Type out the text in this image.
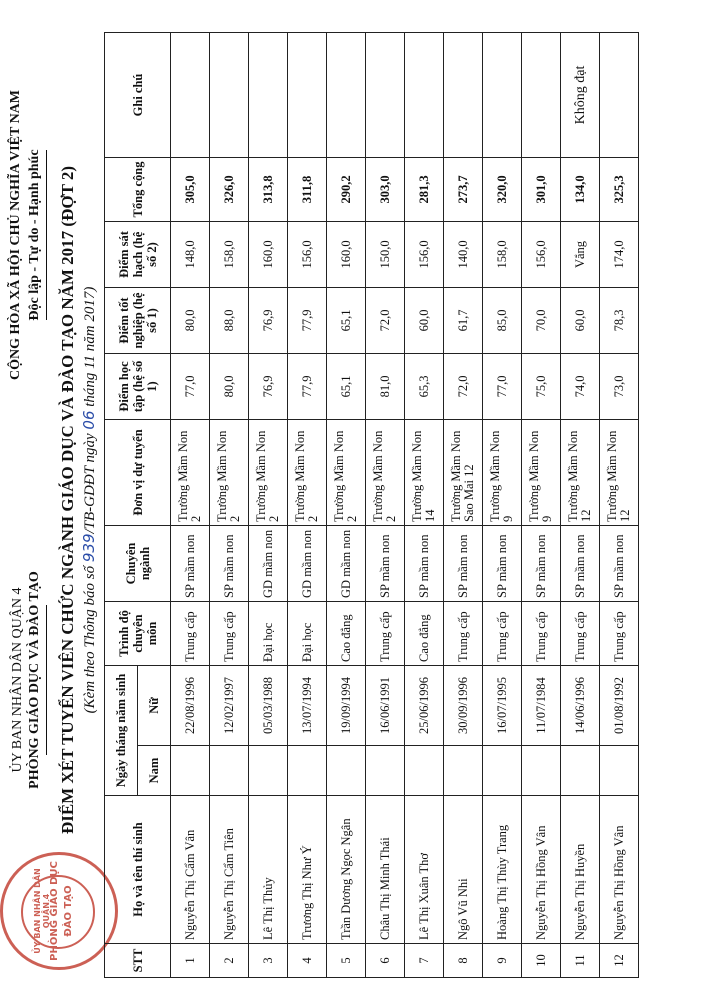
ỦY BAN NHÂN DÂN QUẬN 4
PHÒNG GIÁO DỤC ĐÀO TẠO
ỦY BAN NHÂN DÂN QUẬN 4 PHÒNG GIÁO DỤC VÀ ĐÀO TẠO
CỘNG HÒA XÃ HỘI CHỦ NGHĨA VIỆT NAM Độc lập - Tự do - Hạnh phúc ĐIỂM XÉT TUYỂN VIÊN CHỨC NGÀNH GIÁO DỤC VÀ ĐÀO TẠO NĂM 2017 (ĐỢT 2) (Kèm theo Thông báo số 939/TB-GDĐT ngày 06 tháng 11 năm 2017)
STT	Họ và tên thí sinh	Ngày tháng năm sinh		Trình độ chuyên môn	Chuyên ngành	Đơn vị dự tuyển	Điểm học tập (hệ số 1)	Điểm tốt nghiệp (hệ số 1)	Điểm sát hạch (hệ số 2)	Tổng cộng	Ghi chú
		Nam	Nữ								
1	Nguyễn Thị Cẩm Vân		22/08/1996	Trung cấp	SP mầm non	Trường Mầm Non 2	77,0	80,0	148,0	305,0	
2	Nguyễn Thị Cẩm Tiên		12/02/1997	Trung cấp	SP mầm non	Trường Mầm Non 2	80,0	88,0	158,0	326,0	
3	Lê Thị Thủy		05/03/1988	Đại học	GD mầm non	Trường Mầm Non 2	76,9	76,9	160,0	313,8	
4	Trương Thị Như Ý		13/07/1994	Đại học	GD mầm non	Trường Mầm Non 2	77,9	77,9	156,0	311,8	
5	Trần Dương Ngọc Ngân		19/09/1994	Cao đẳng	GD mầm non	Trường Mầm Non 2	65,1	65,1	160,0	290,2	
6	Châu Thị Minh Thái		16/06/1991	Trung cấp	SP mầm non	Trường Mầm Non 2	81,0	72,0	150,0	303,0	
7	Lê Thị Xuân Thơ		25/06/1996	Cao đẳng	SP mầm non	Trường Mầm Non 14	65,3	60,0	156,0	281,3	
8	Ngô Vũ Nhi		30/09/1996	Trung cấp	SP mầm non	Trường Mầm Non Sao Mai 12	72,0	61,7	140,0	273,7	
9	Hoàng Thị Thùy Trang		16/07/1995	Trung cấp	SP mầm non	Trường Mầm Non 9	77,0	85,0	158,0	320,0	
10	Nguyễn Thị Hồng Vân		11/07/1984	Trung cấp	SP mầm non	Trường Mầm Non 9	75,0	70,0	156,0	301,0	
11	Nguyễn Thị Huyền		14/06/1996	Trung cấp	SP mầm non	Trường Mầm Non 12	74,0	60,0	Vắng	134,0	Không đạt
12	Nguyễn Thị Hồng Vân		01/08/1992	Trung cấp	SP mầm non	Trường Mầm Non 12	73,0	78,3	174,0	325,3	
